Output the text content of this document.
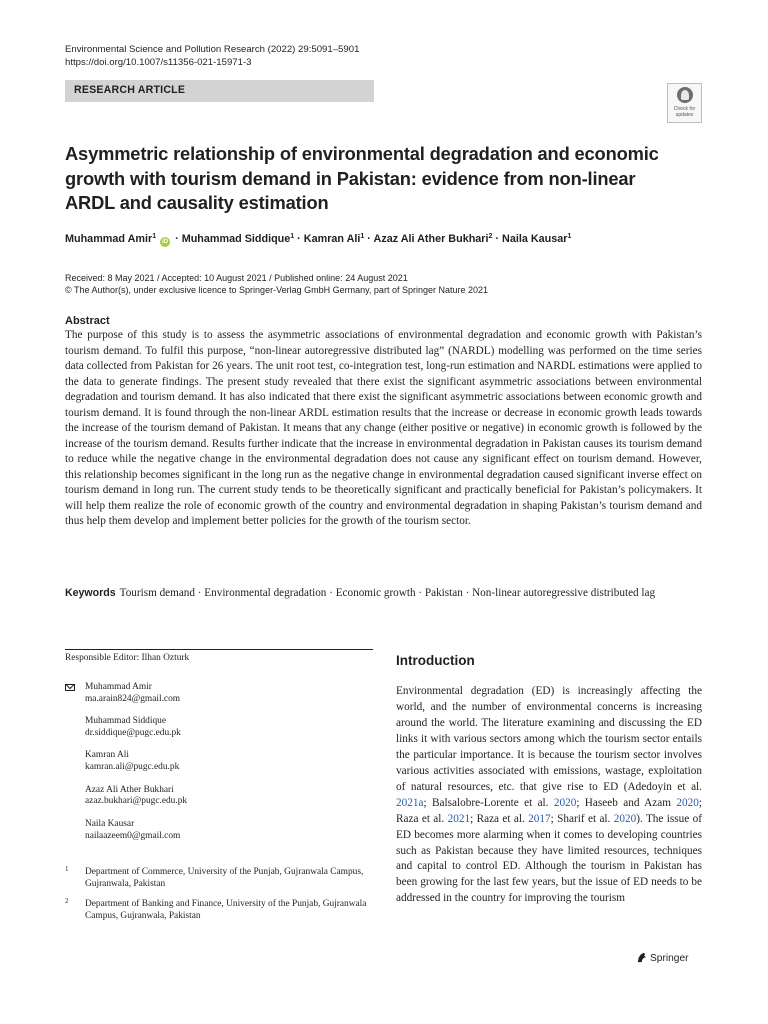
Environmental Science and Pollution Research (2022) 29:5091–5901
https://doi.org/10.1007/s11356-021-15971-3
RESEARCH ARTICLE
Check for updates
Asymmetric relationship of environmental degradation and economic growth with tourism demand in Pakistan: evidence from non-linear ARDL and causality estimation
Muhammad Amir$^1$ iD · Muhammad Siddique$^1$ · Kamran Ali$^1$ · Azaz Ali Ather Bukhari$^2$ · Naila Kausar$^1$
Received: 8 May 2021 / Accepted: 10 August 2021 / Published online: 24 August 2021
© The Author(s), under exclusive licence to Springer-Verlag GmbH Germany, part of Springer Nature 2021
Abstract

The purpose of this study is to assess the asymmetric associations of environmental degradation and economic growth with Pakistan’s tourism demand. To fulfil this purpose, “non-linear autoregressive distributed lag” (NARDL) modelling was performed on the time series data collected from Pakistan for 26 years. The unit root test, co-integration test, long-run estimation and NARDL estimations were applied to the data to generate findings. The present study revealed that there exist the significant asymmetric associations between environmental degradation and tourism demand. It has also indicated that there exist the significant asymmetric associations between economic growth and tourism demand. It is found through the non-linear ARDL estimation results that the increase or decrease in economic growth leads towards the increase of the tourism demand of Pakistan. It means that any change (either positive or negative) in economic growth is followed by the increase of the tourism demand. Results further indicate that the increase in environmental degradation in Pakistan causes its tourism demand to reduce while the negative change in the environmental degradation does not cause any significant effect on tourism demand. However, this relationship becomes significant in the long run as the negative change in environmental degradation caused significant inverse effect on tourism demand in long run. The current study tends to be theoretically significant and practically beneficial for Pakistan’s policymakers. It will help them realize the role of economic growth of the country and environmental degradation in shaping Pakistan’s tourism demand and thus help them develop and implement better policies for the growth of the tourism sector.

Keywords Tourism demand · Environmental degradation · Economic growth · Pakistan · Non-linear autoregressive distributed lag

Responsible Editor: Ilhan Ozturk
Muhammad Amir
ma.arain824@gmail.com
Muhammad Siddique
dr.siddique@pugc.edu.pk
Kamran Ali
kamran.ali@pugc.edu.pk
Azaz Ali Ather Bukhari
azaz.bukhari@pugc.edu.pk
Naila Kausar
nailaazeem0@gmail.com
1 Department of Commerce, University of the Punjab, Gujranwala Campus, Gujranwala, Pakistan
2 Department of Banking and Finance, University of the Punjab, Gujranwala Campus, Gujranwala, Pakistan
Introduction

Environmental degradation (ED) is increasingly affecting the world, and the number of environmental concerns is increasing around the world. The literature examining and discussing the ED links it with various sectors among which the tourism sector entails the particular importance. It is because the tourism sector involves various activities associated with emissions, wastage, exploitation of natural resources, etc. that give rise to ED (Adedoyin et al. 2021a; Balsalobre-Lorente et al. 2020; Haseeb and Azam 2020; Raza et al. 2021; Raza et al. 2017; Sharif et al. 2020). The issue of ED becomes more alarming when it comes to developing countries such as Pakistan because they have limited resources, techniques and capital to control ED. Although the tourism in Pakistan has been growing for the last few years, but the issue of ED needs to be addressed in the country for improving the tourism

Springer
